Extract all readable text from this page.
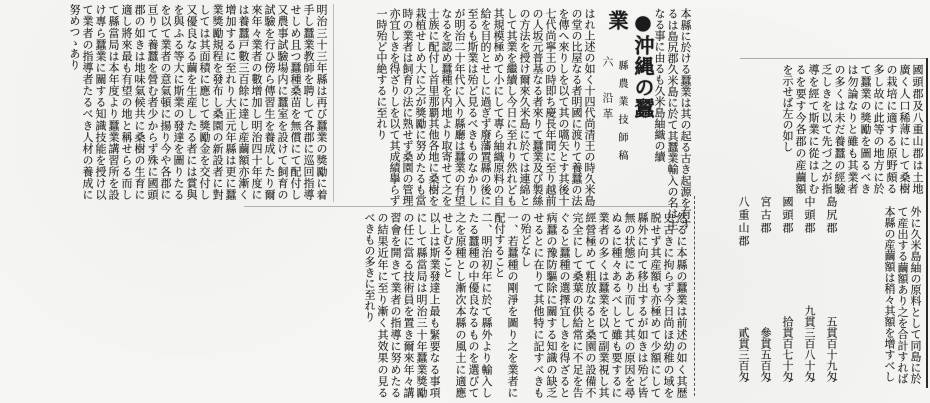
本縣に於ける蠶業は其の起る古き起源を有するは島尻郡久米島に於て其蠶業輸入の名は主なる事に由るも久米島紬織の續
●沖縄の蠶業
縣農業技師稿
六
沿革
はれ上述の如く十四代尚清王の時久米島の堂の比屋なる者明國に渡りて養蠶の法を傳へ來りしを以て其の嚆矢とす其後十七代尚寧王の時即ち慶長年間に至り越前の人坂元普基なる者來りて蠶業及び製絲の方法を授け爾來久米島に於ては連綿として其業を繼續し今日に至れり然れども其規模極めて小にして專ら紬織原料の自給を目的とせしに過ぎず廢藩置縣の後に至るも斯業は殆ど見るべきものなかりしが明治二十年代に入り縣廳は蠶業の有望なるを認め蠶種を内地より取寄せて之を士族に配付し首里那覇其他各地に桑樹を栽植せしめ大に之が獎勵に努めたるも當時の業者は飼育の法に熟せず桑園の管理亦宜しきを得ざりしを以て其成績擧らず一時殆ど中絶するに至れり
明治三十三年縣は再び蠶業の獎勵に着手し蠶業教師を聘して各郡に巡回指導せしめ且つ蠶種桑苗を無償にて配付し又農事試驗場内に蠶室を設けて飼育の試驗を行ひ傍ら傳習生を養成したり爾來年々業者の數增加し明治四十年度には養蠶戸數三百餘に達し産繭額亦漸く增加するに至れり大正元年縣は更に蠶業獎勵規程を發布し桑園の新設者に對しては其面積に應じて獎勵金を交付し又優良なる繭を生産したる者には賞與を與ふる等大に斯業の發達を圖りたるを以て業者の意氣頓に揚り今や各郡に亘りて養蠶を營む者少からず殊に國頭郡の如きは地味氣候共に桑樹の生育に適し將來最も有望の地と稱せらる而して縣當局は本年度より蠶業講習所を設け專ら蠶業に關する知識技能を授け以て業者の指導者たるべき人材の養成に努めつゝあり

然るに本縣の蠶業は前述の如く其歴史古きに拘らず今日尚ほ幼稚の域を脱せず其産額も亦極めて少額にして縣外に向て移出するが如きは殆ど皆無の状態にあり而して其の原因を尋ぬるに種々あるべしと雖も要するに業者の多くは蠶業を以て副業視し其經營極めて粗放なると桑園の設備不完全にして桑葉の供給常に不足を告ぐると蠶種の選擇宜しきを得ざると病蠶の豫防驅除に關する知識の缺乏せるとに在りて其他特に記すべきもの殆どなし

一、若蠶種の剛淨を圖り之を業者に配付すること

二、明治初年に於て縣外より輸入したる蠶種の中優良なるものを選びて之を原種とし漸次本縣の風土に適應せしむること

以上は斯業發達上最も緊要なる事項にして縣當局は明治三十年蠶業獎勵の任に當る技術員を置き爾來年々講習會を開きて業者の指導に努めたるの結果近年に至り漸く其效果の見るべきもの多きに至れり

國頭郡及八重山郡は土地廣く人口稀薄にして桑樹の栽培に適する原野頗る多し故に此等の地方に於て蠶業の獎勵を圖るべきは勿論なりと雖も其業者の多くは未だ養蠶の經驗乏しきを以て先づ之が指導を經て斯業に從はしむるを要す今各郡の産繭額を示せば左の如し
島尻郡
五貫百十九匁
中頭郡
九貫三百八十匁
國頭郡
拾貫百七十匁
宮古郡
參貫五百匁
八重山郡
貳貫三百匁	外に久米島紬の原料として同島に於て産出する繭額あり之を合計すれば本縣の産繭額は稍々其額を增すべし
